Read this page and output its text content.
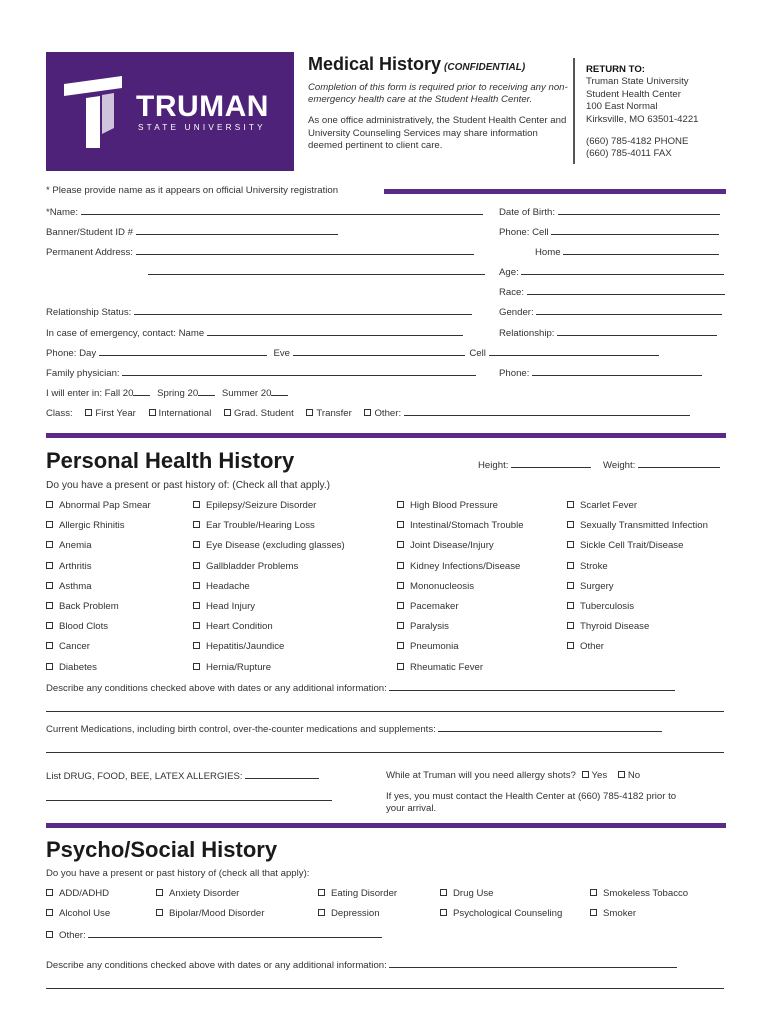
TRUMAN
STATE UNIVERSITY
Medical History (CONFIDENTIAL)
Completion of this form is required prior to receiving any non-emergency health care at the Student Health Center.
As one office administratively, the Student Health Center and University Counseling Services may share information deemed pertinent to client care.
RETURN TO:
Truman State University
Student Health Center
100 East Normal
Kirksville, MO 63501-4221
(660) 785-4182 PHONE
(660) 785-4011 FAX
* Please provide name as it appears on official University registration
*Name:	Date of Birth:
Banner/Student ID #	Phone: Cell
Permanent Address:	Home
Age:
Race:
Relationship Status:	Gender:
In case of emergency, contact: Name	Relationship:
Phone: Day	Eve	Cell
Family physician:	Phone:
I will enter in: Fall 20 Spring 20 Summer 20
Class: First Year International Grad. Student Transfer Other:
Personal Health History	Height:	Weight:
Do you have a present or past history of: (Check all that apply.)
Abnormal Pap Smear
Allergic Rhinitis
Anemia
Arthritis
Asthma
Back Problem
Blood Clots
Cancer
Diabetes
Epilepsy/Seizure Disorder
Ear Trouble/Hearing Loss
Eye Disease (excluding glasses)
Gallbladder Problems
Headache
Head Injury
Heart Condition
Hepatitis/Jaundice
Hernia/Rupture
High Blood Pressure
Intestinal/Stomach Trouble
Joint Disease/Injury
Kidney Infections/Disease
Mononucleosis
Pacemaker
Paralysis
Pneumonia
Rheumatic Fever
Scarlet Fever
Sexually Transmitted Infection
Sickle Cell Trait/Disease
Stroke
Surgery
Tuberculosis
Thyroid Disease
Other
Describe any conditions checked above with dates or any additional information:
Current Medications, including birth control, over-the-counter medications and supplements:
List DRUG, FOOD, BEE, LATEX ALLERGIES:	While at Truman will you need allergy shots? Yes No
If yes, you must contact the Health Center at (660) 785-4182 prior to your arrival.
Psycho/Social History
Do you have a present or past history of (check all that apply):
ADD/ADHD	Anxiety Disorder	Eating Disorder	Drug Use	Smokeless Tobacco
Alcohol Use	Bipolar/Mood Disorder	Depression	Psychological Counseling	Smoker
Other:
Describe any conditions checked above with dates or any additional information:
